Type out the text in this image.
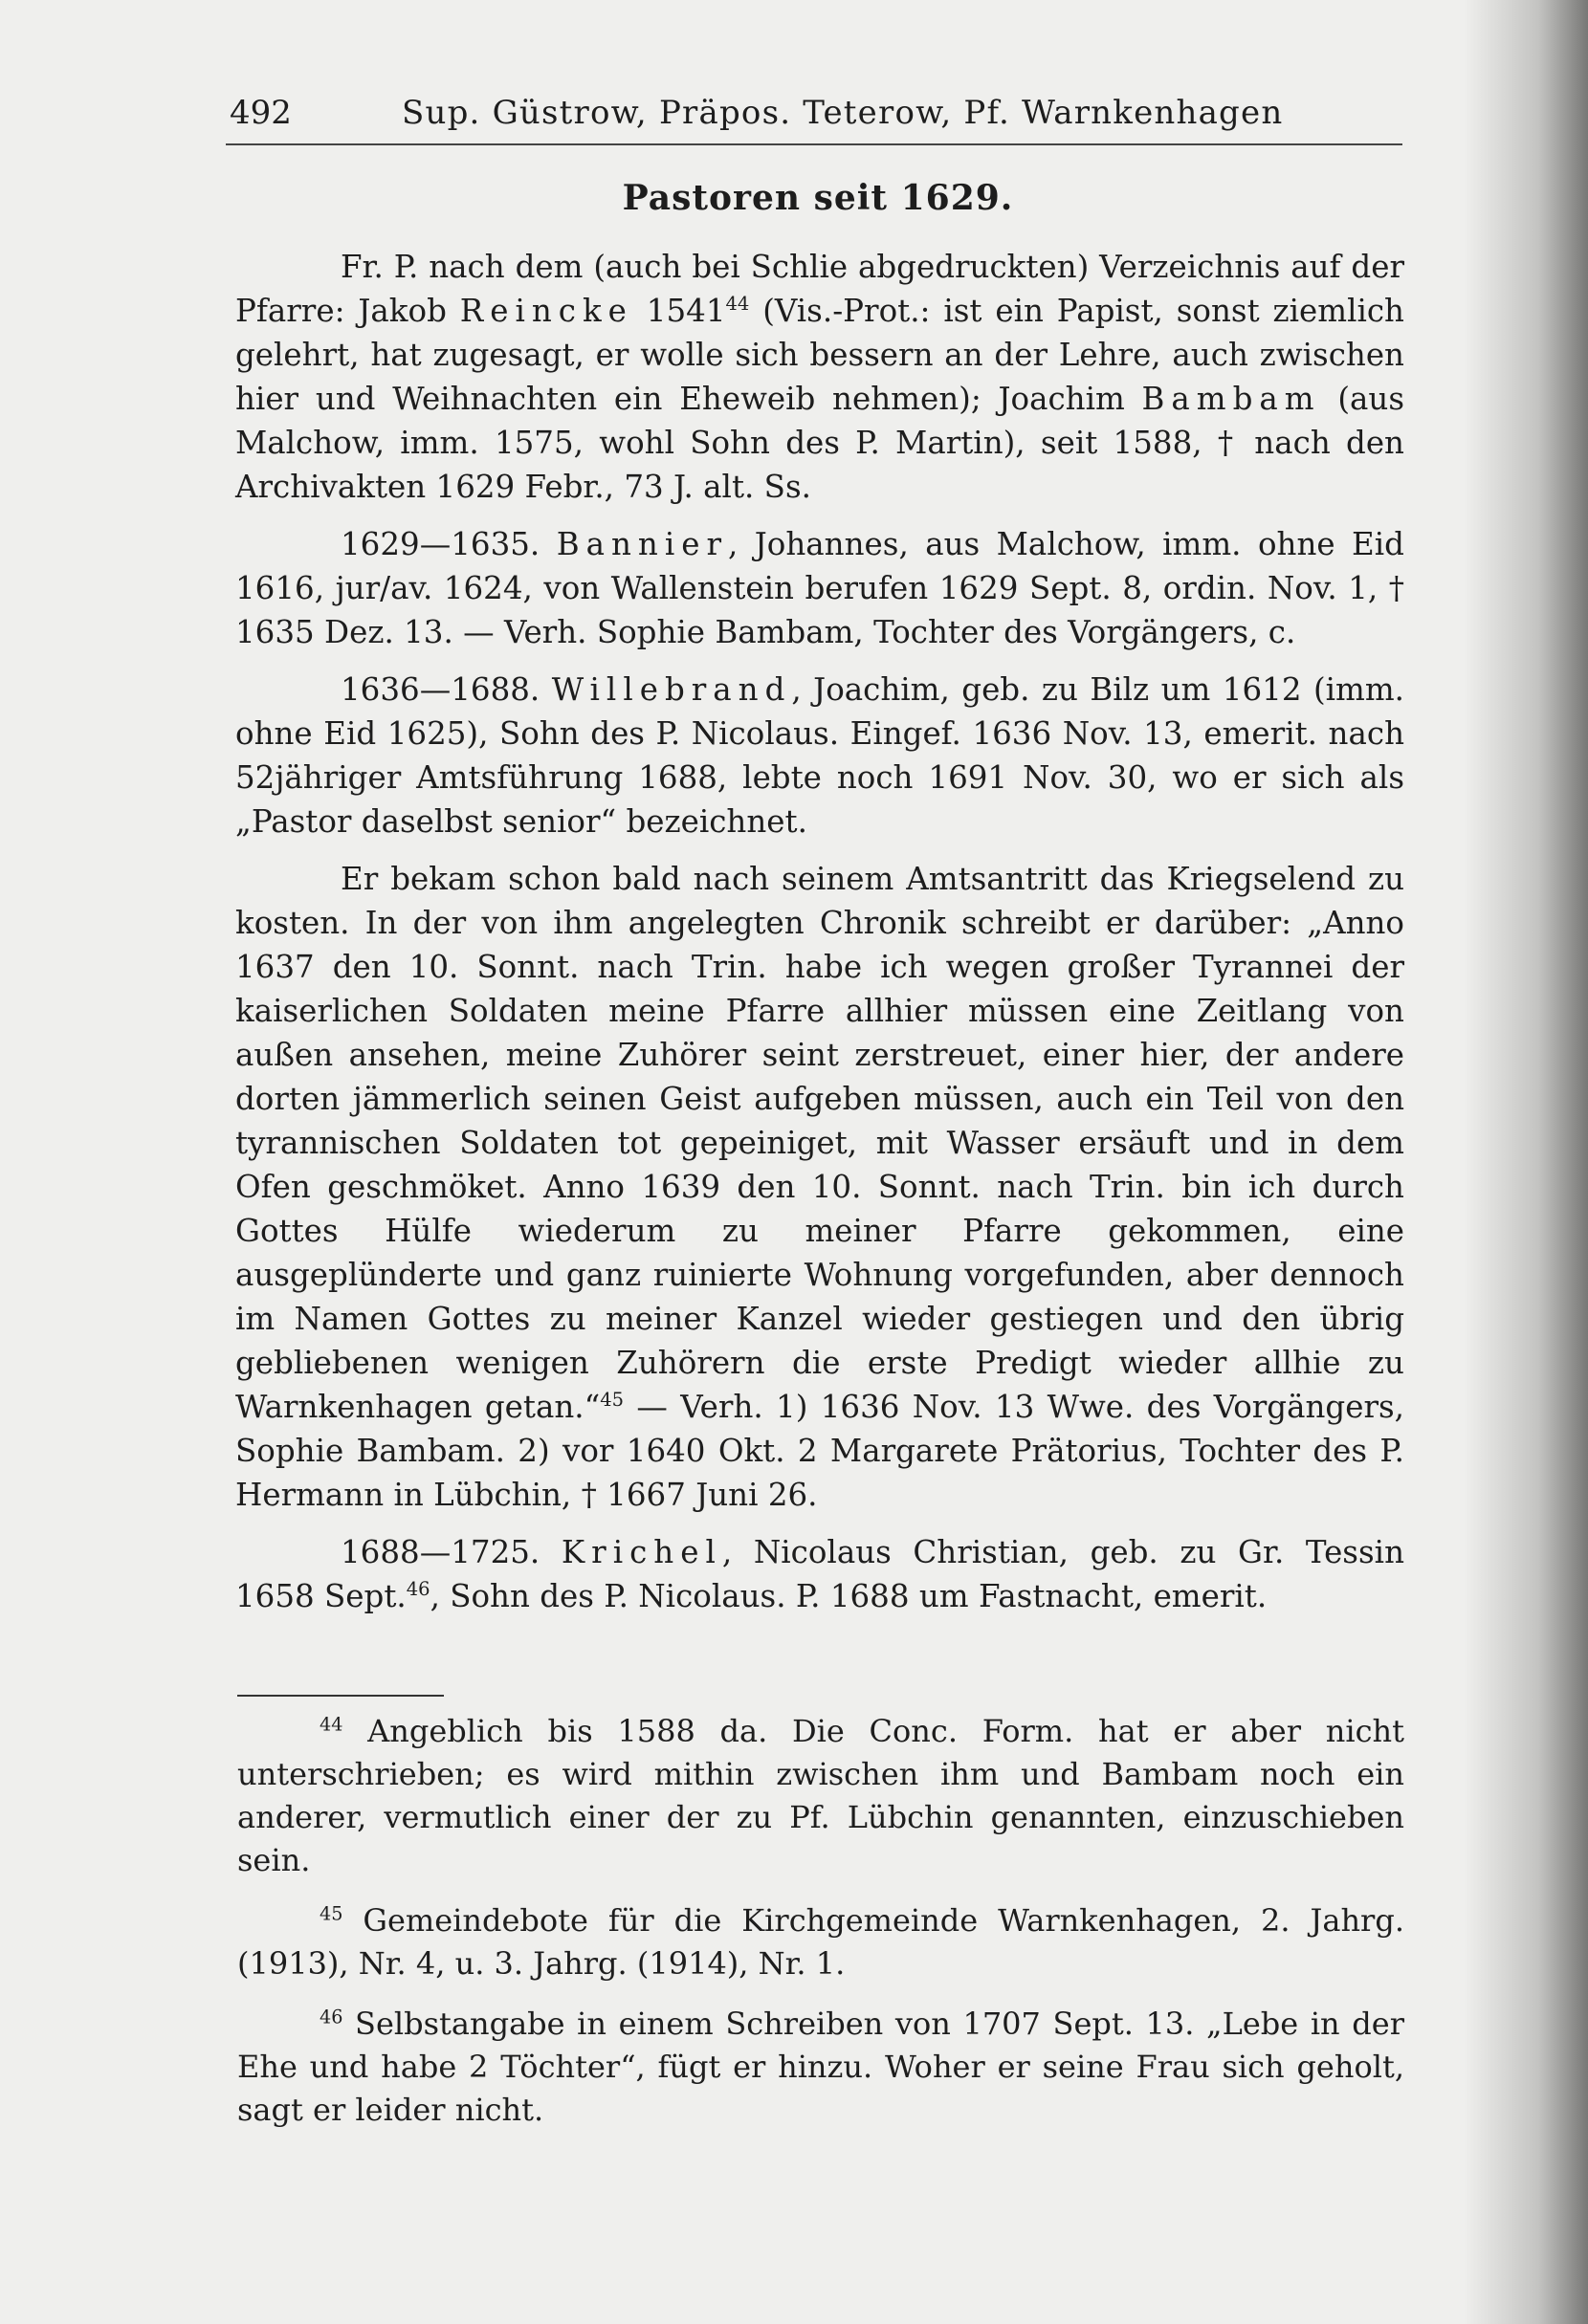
492	Sup. Güstrow, Präpos. Teterow, Pf. Warnkenhagen
Pastoren seit 1629.

Fr. P. nach dem (auch bei Schlie abgedruckten) Verzeichnis auf der Pfarre: Jakob Reincke 1541$^{44}$ (Vis.-Prot.: ist ein Papist, sonst ziemlich gelehrt, hat zugesagt, er wolle sich bessern an der Lehre, auch zwischen hier und Weihnachten ein Eheweib nehmen); Joachim Bambam (aus Malchow, imm. 1575, wohl Sohn des P. Martin), seit 1588, † nach den Archivakten 1629 Febr., 73 J. alt. Ss.

1629—1635. Bannier, Johannes, aus Malchow, imm. ohne Eid 1616, jur/av. 1624, von Wallenstein berufen 1629 Sept. 8, ordin. Nov. 1, † 1635 Dez. 13. — Verh. Sophie Bambam, Tochter des Vorgängers, c.

1636—1688. Willebrand, Joachim, geb. zu Bilz um 1612 (imm. ohne Eid 1625), Sohn des P. Nicolaus. Eingef. 1636 Nov. 13, emerit. nach 52jähriger Amtsführung 1688, lebte noch 1691 Nov. 30, wo er sich als „Pastor daselbst senior“ bezeichnet.

Er bekam schon bald nach seinem Amtsantritt das Kriegselend zu kosten. In der von ihm angelegten Chronik schreibt er darüber: „Anno 1637 den 10. Sonnt. nach Trin. habe ich wegen großer Tyrannei der kaiserlichen Soldaten meine Pfarre allhier müssen eine Zeitlang von außen ansehen, meine Zuhörer seint zerstreuet, einer hier, der andere dorten jämmerlich seinen Geist aufgeben müssen, auch ein Teil von den tyrannischen Soldaten tot gepeiniget, mit Wasser ersäuft und in dem Ofen geschmöket. Anno 1639 den 10. Sonnt. nach Trin. bin ich durch Gottes Hülfe wiederum zu meiner Pfarre gekommen, eine ausgeplünderte und ganz ruinierte Wohnung vorgefunden, aber dennoch im Namen Gottes zu meiner Kanzel wieder gestiegen und den übrig gebliebenen wenigen Zuhörern die erste Predigt wieder allhie zu Warnkenhagen getan.“$^{45}$ — Verh. 1) 1636 Nov. 13 Wwe. des Vorgängers, Sophie Bambam. 2) vor 1640 Okt. 2 Margarete Prätorius, Tochter des P. Hermann in Lübchin, † 1667 Juni 26.

1688—1725. Krichel, Nicolaus Christian, geb. zu Gr. Tessin 1658 Sept.$^{46}$, Sohn des P. Nicolaus. P. 1688 um Fastnacht, emerit.

$^{44}$ Angeblich bis 1588 da. Die Conc. Form. hat er aber nicht unterschrieben; es wird mithin zwischen ihm und Bambam noch ein anderer, vermutlich einer der zu Pf. Lübchin genannten, einzuschieben sein.

$^{45}$ Gemeindebote für die Kirchgemeinde Warnkenhagen, 2. Jahrg. (1913), Nr. 4, u. 3. Jahrg. (1914), Nr. 1.

$^{46}$ Selbstangabe in einem Schreiben von 1707 Sept. 13. „Lebe in der Ehe und habe 2 Töchter“, fügt er hinzu. Woher er seine Frau sich geholt, sagt er leider nicht.
